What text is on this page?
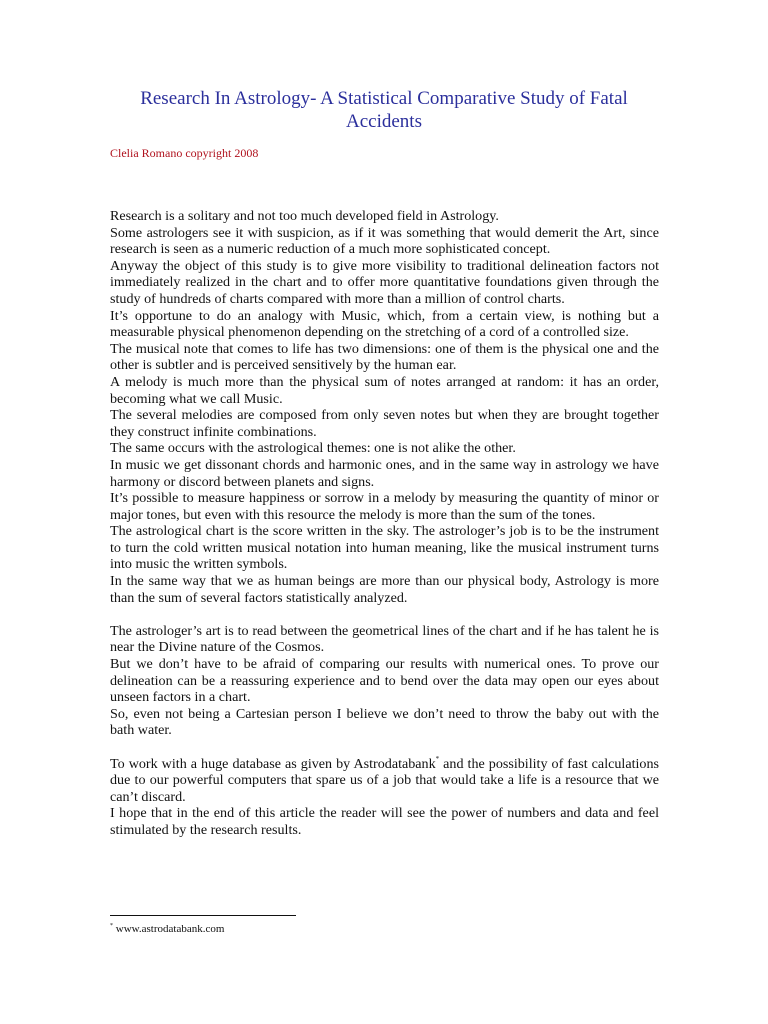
Research In Astrology- A Statistical Comparative Study of Fatal Accidents
Clelia Romano copyright 2008

Research is a solitary and not too much developed field in Astrology.

Some astrologers see it with suspicion, as if it was something that would demerit the Art, since research is seen as a numeric reduction of a much more sophisticated concept.

Anyway the object of this study is to give more visibility to traditional delineation factors not immediately realized in the chart and to offer more quantitative foundations given through the study of hundreds of charts compared with more than a million of control charts.

It’s opportune to do an analogy with Music, which, from a certain view, is nothing but a measurable physical phenomenon depending on the stretching of a cord of a controlled size.

The musical note that comes to life has two dimensions: one of them is the physical one and the other is subtler and is perceived sensitively by the human ear.

A melody is much more than the physical sum of notes arranged at random: it has an order, becoming what we call Music.

The several melodies are composed from only seven notes but when they are brought together they construct infinite combinations.

The same occurs with the astrological themes: one is not alike the other.

In music we get dissonant chords and harmonic ones, and in the same way in astrology we have harmony or discord between planets and signs.

It’s possible to measure happiness or sorrow in a melody by measuring the quantity of minor or major tones, but even with this resource the melody is more than the sum of the tones.

The astrological chart is the score written in the sky. The astrologer’s job is to be the instrument to turn the cold written musical notation into human meaning, like the musical instrument turns into music the written symbols.

In the same way that we as human beings are more than our physical body, Astrology is more than the sum of several factors statistically analyzed.

The astrologer’s art is to read between the geometrical lines of the chart and if he has talent he is near the Divine nature of the Cosmos.

But we don’t have to be afraid of comparing our results with numerical ones. To prove our delineation can be a reassuring experience and to bend over the data may open our eyes about unseen factors in a chart.

So, even not being a Cartesian person I believe we don’t need to throw the baby out with the bath water.

To work with a huge database as given by Astrodatabank* and the possibility of fast calculations due to our powerful computers that spare us of a job that would take a life is a resource that we can’t discard.

I hope that in the end of this article the reader will see the power of numbers and data and feel stimulated by the research results.

* www.astrodatabank.com
